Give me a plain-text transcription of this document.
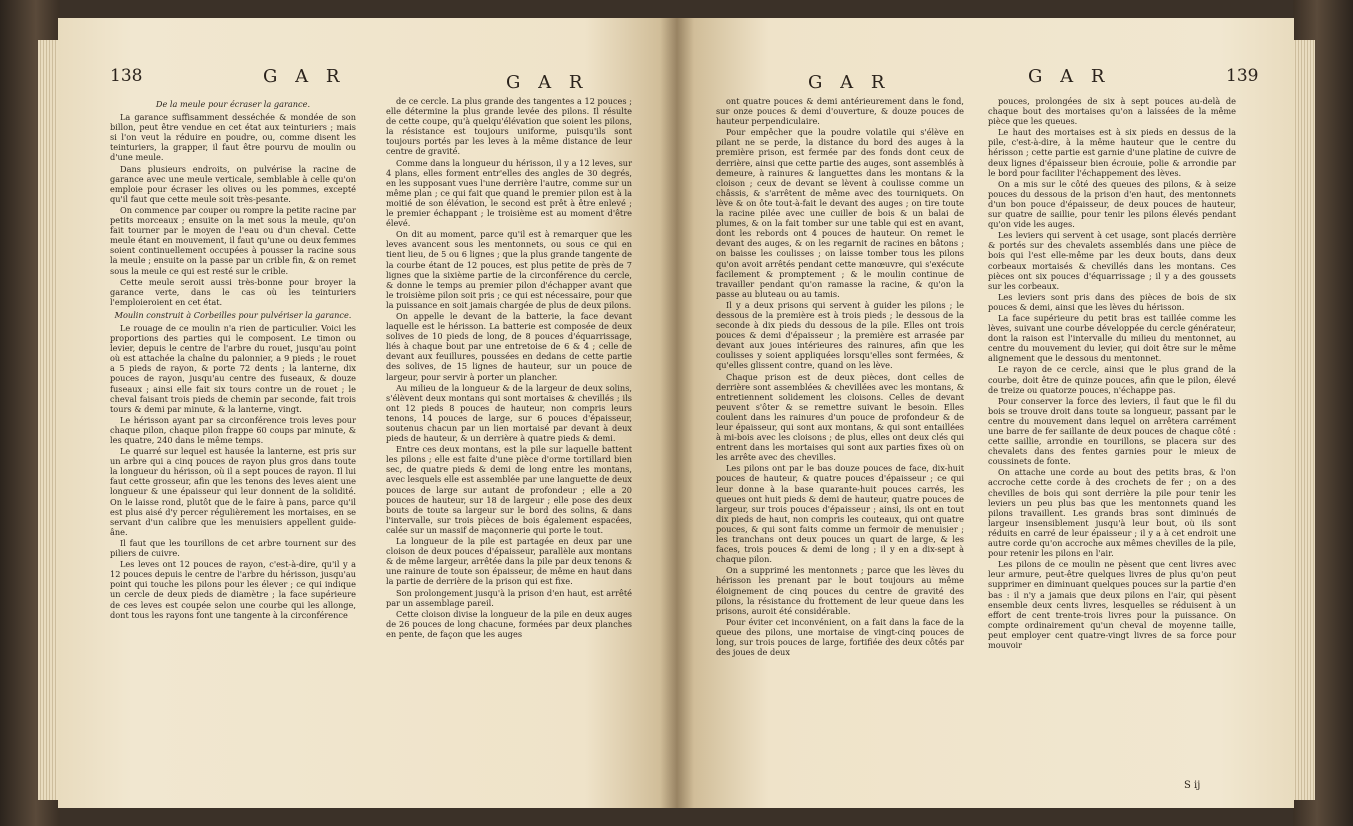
138	G A R	G A R

De la meule pour écraser la garance.

La garance suffisamment desséchée & mondée de son billon, peut être vendue en cet état aux teinturiers ; mais si l'on veut la réduire en poudre, ou, comme disent les teinturiers, la grapper, il faut être pourvu de moulin ou d'une meule.

Dans plusieurs endroits, on pulvérise la racine de garance avec une meule verticale, semblable à celle qu'on emploie pour écraser les olives ou les pommes, excepté qu'il faut que cette meule soit très-pesante.

On commence par couper ou rompre la petite racine par petits morceaux ; ensuite on la met sous la meule, qu'on fait tourner par le moyen de l'eau ou d'un cheval. Cette meule étant en mouvement, il faut qu'une ou deux femmes soient continuellement occupées à pousser la racine sous la meule ; ensuite on la passe par un crible fin, & on remet sous la meule ce qui est resté sur le crible.

Cette meule seroit aussi très-bonne pour broyer la garance verte, dans le cas où les teinturiers l'emploieroient en cet état.

Moulin construit à Corbeilles pour pulvériser la garance.

Le rouage de ce moulin n'a rien de particulier. Voici les proportions des parties qui le composent. Le timon ou levier, depuis le centre de l'arbre du rouet, jusqu'au point où est attachée la chaîne du palonnier, a 9 pieds ; le rouet a 5 pieds de rayon, & porte 72 dents ; la lanterne, dix pouces de rayon, jusqu'au centre des fuseaux, & douze fuseaux ; ainsi elle fait six tours contre un de rouet ; le cheval faisant trois pieds de chemin par seconde, fait trois tours & demi par minute, & la lanterne, vingt.

Le hérisson ayant par sa circonférence trois leves pour chaque pilon, chaque pilon frappe 60 coups par minute, & les quatre, 240 dans le même temps.

Le quarré sur lequel est hausée la lanterne, est pris sur un arbre qui a cinq pouces de rayon plus gros dans toute la longueur du hérisson, où il a sept pouces de rayon. Il lui faut cette grosseur, afin que les tenons des leves aient une longueur & une épaisseur qui leur donnent de la solidité. On le laisse rond, plutôt que de le faire à pans, parce qu'il est plus aisé d'y percer régulièrement les mortaises, en se servant d'un calibre que les menuisiers appellent guide-âne.

Il faut que les tourillons de cet arbre tournent sur des piliers de cuivre.

Les leves ont 12 pouces de rayon, c'est-à-dire, qu'il y a 12 pouces depuis le centre de l'arbre du hérisson, jusqu'au point qui touche les pilons pour les élever ; ce qui indique un cercle de deux pieds de diamètre ; la face supérieure de ces leves est coupée selon une courbe qui les allonge, dont tous les rayons font une tangente à la circonférence

de ce cercle. La plus grande des tangentes a 12 pouces ; elle détermine la plus grande levée des pilons. Il résulte de cette coupe, qu'à quelqu'élévation que soient les pilons, la résistance est toujours uniforme, puisqu'ils sont toujours portés par les leves à la même distance de leur centre de gravité.

Comme dans la longueur du hérisson, il y a 12 leves, sur 4 plans, elles forment entr'elles des angles de 30 degrés, en les supposant vues l'une derrière l'autre, comme sur un même plan ; ce qui fait que quand le premier pilon est à la moitié de son élévation, le second est prêt à être enlevé ; le premier échappant ; le troisième est au moment d'être élevé.

On dit au moment, parce qu'il est à remarquer que les leves avancent sous les mentonnets, ou sous ce qui en tient lieu, de 5 ou 6 lignes ; que la plus grande tangente de la courbe étant de 12 pouces, est plus petite de près de 7 lignes que la sixième partie de la circonférence du cercle, & donne le temps au premier pilon d'échapper avant que le troisième pilon soit pris ; ce qui est nécessaire, pour que la puissance en soit jamais chargée de plus de deux pilons.

On appelle le devant de la batterie, la face devant laquelle est le hérisson. La batterie est composée de deux solives de 10 pieds de long, de 8 pouces d'équarrissage, liés à chaque bout par une entretoise de 6 & 4 ; celle de devant aux feuillures, poussées en dedans de cette partie des solives, de 15 lignes de hauteur, sur un pouce de largeur, pour servir à porter un plancher.

Au milieu de la longueur & de la largeur de deux solins, s'élèvent deux montans qui sont mortaises & chevillés ; ils ont 12 pieds 8 pouces de hauteur, non compris leurs tenons, 14 pouces de large, sur 6 pouces d'épaisseur, soutenus chacun par un lien mortaisé par devant à deux pieds de hauteur, & un derrière à quatre pieds & demi.

Entre ces deux montans, est la pile sur laquelle battent les pilons ; elle est faite d'une pièce d'orme tortillard bien sec, de quatre pieds & demi de long entre les montans, avec lesquels elle est assemblée par une languette de deux pouces de large sur autant de profondeur ; elle a 20 pouces de hauteur, sur 18 de largeur ; elle pose des deux bouts de toute sa largeur sur le bord des solins, & dans l'intervalle, sur trois pièces de bois également espacées, calée sur un massif de maçonnerie qui porte le tout.

La longueur de la pile est partagée en deux par une cloison de deux pouces d'épaisseur, parallèle aux montans & de même largeur, arrêtée dans la pile par deux tenons & une rainure de toute son épaisseur, de même en haut dans la partie de derrière de la prison qui est fixe.

Son prolongement jusqu'à la prison d'en haut, est arrêté par un assemblage pareil.

Cette cloison divise la longueur de la pile en deux auges de 26 pouces de long chacune, formées par deux planches en pente, de façon que les auges

G A R	G A R	139

ont quatre pouces & demi antérieurement dans le fond, sur onze pouces & demi d'ouverture, & douze pouces de hauteur perpendiculaire.

Pour empêcher que la poudre volatile qui s'élève en pilant ne se perde, la distance du bord des auges à la première prison, est fermée par des fonds dont ceux de derrière, ainsi que cette partie des auges, sont assemblés à demeure, à rainures & languettes dans les montans & la cloison ; ceux de devant se lèvent à coulisse comme un châssis, & s'arrêtent de même avec des tourniquets. On lève & on ôte tout-à-fait le devant des auges ; on tire toute la racine pilée avec une cuiller de bois & un balai de plumes, & on la fait tomber sur une table qui est en avant, dont les rebords ont 4 pouces de hauteur. On remet le devant des auges, & on les regarnit de racines en bâtons ; on baisse les coulisses ; on laisse tomber tous les pilons qu'on avoit arrêtés pendant cette manœuvre, qui s'exécute facilement & promptement ; & le moulin continue de travailler pendant qu'on ramasse la racine, & qu'on la passe au bluteau ou au tamis.

Il y a deux prisons qui servent à guider les pilons ; le dessous de la première est à trois pieds ; le dessous de la seconde à dix pieds du dessous de la pile. Elles ont trois pouces & demi d'épaisseur ; la première est arrasée par devant aux joues intérieures des rainures, afin que les coulisses y soient appliquées lorsqu'elles sont fermées, & qu'elles glissent contre, quand on les lève.

Chaque prison est de deux pièces, dont celles de derrière sont assemblées & chevillées avec les montans, & entretiennent solidement les cloisons. Celles de devant peuvent s'ôter & se remettre suivant le besoin. Elles coulent dans les rainures d'un pouce de profondeur & de leur épaisseur, qui sont aux montans, & qui sont entaillées à mi-bois avec les cloisons ; de plus, elles ont deux clés qui entrent dans les mortaises qui sont aux parties fixes où on les arrête avec des chevilles.

Les pilons ont par le bas douze pouces de face, dix-huit pouces de hauteur, & quatre pouces d'épaisseur ; ce qui leur donne à la base quarante-huit pouces carrés, les queues ont huit pieds & demi de hauteur, quatre pouces de largeur, sur trois pouces d'épaisseur ; ainsi, ils ont en tout dix pieds de haut, non compris les couteaux, qui ont quatre pouces, & qui sont faits comme un fermoir de menuisier ; les tranchans ont deux pouces un quart de large, & les faces, trois pouces & demi de long ; il y en a dix-sept à chaque pilon.

On a supprimé les mentonnets ; parce que les lèves du hérisson les prenant par le bout toujours au même éloignement de cinq pouces du centre de gravité des pilons, la résistance du frottement de leur queue dans les prisons, auroit été considérable.

Pour éviter cet inconvénient, on a fait dans la face de la queue des pilons, une mortaise de vingt-cinq pouces de long, sur trois pouces de large, fortifiée des deux côtés par des joues de deux

pouces, prolongées de six à sept pouces au-delà de chaque bout des mortaises qu'on a laissées de la même pièce que les queues.

Le haut des mortaises est à six pieds en dessus de la pile, c'est-à-dire, à la même hauteur que le centre du hérisson ; cette partie est garnie d'une platine de cuivre de deux lignes d'épaisseur bien écrouie, polie & arrondie par le bord pour faciliter l'échappement des lèves.

On a mis sur le côté des queues des pilons, & à seize pouces du dessous de la prison d'en haut, des mentonnets d'un bon pouce d'épaisseur, de deux pouces de hauteur, sur quatre de saillie, pour tenir les pilons élevés pendant qu'on vide les auges.

Les leviers qui servent à cet usage, sont placés derrière & portés sur des chevalets assemblés dans une pièce de bois qui l'est elle-même par les deux bouts, dans deux corbeaux mortaisés & chevillés dans les montans. Ces pièces ont six pouces d'équarrissage ; il y a des goussets sur les corbeaux.

Les leviers sont pris dans des pièces de bois de six pouces & demi, ainsi que les lèves du hérisson.

La face supérieure du petit bras est taillée comme les lèves, suivant une courbe développée du cercle générateur, dont la raison est l'intervalle du milieu du mentonnet, au centre du mouvement du levier, qui doit être sur le même alignement que le dessous du mentonnet.

Le rayon de ce cercle, ainsi que le plus grand de la courbe, doit être de quinze pouces, afin que le pilon, élevé de treize ou quatorze pouces, n'échappe pas.

Pour conserver la force des leviers, il faut que le fil du bois se trouve droit dans toute sa longueur, passant par le centre du mouvement dans lequel on arrêtera carrément une barre de fer saillante de deux pouces de chaque côté : cette saillie, arrondie en tourillons, se placera sur des chevalets dans des fentes garnies pour le mieux de coussinets de fonte.

On attache une corde au bout des petits bras, & l'on accroche cette corde à des crochets de fer ; on a des chevilles de bois qui sont derrière la pile pour tenir les leviers un peu plus bas que les mentonnets quand les pilons travaillent. Les grands bras sont diminués de largeur insensiblement jusqu'à leur bout, où ils sont réduits en carré de leur épaisseur ; il y a à cet endroit une autre corde qu'on accroche aux mêmes chevilles de la pile, pour retenir les pilons en l'air.

Les pilons de ce moulin ne pèsent que cent livres avec leur armure, peut-être quelques livres de plus qu'on peut supprimer en diminuant quelques pouces sur la partie d'en bas : il n'y a jamais que deux pilons en l'air, qui pèsent ensemble deux cents livres, lesquelles se réduisent à un effort de cent trente-trois livres pour la puissance. On compte ordinairement qu'un cheval de moyenne taille, peut employer cent quatre-vingt livres de sa force pour mouvoir

S ij
